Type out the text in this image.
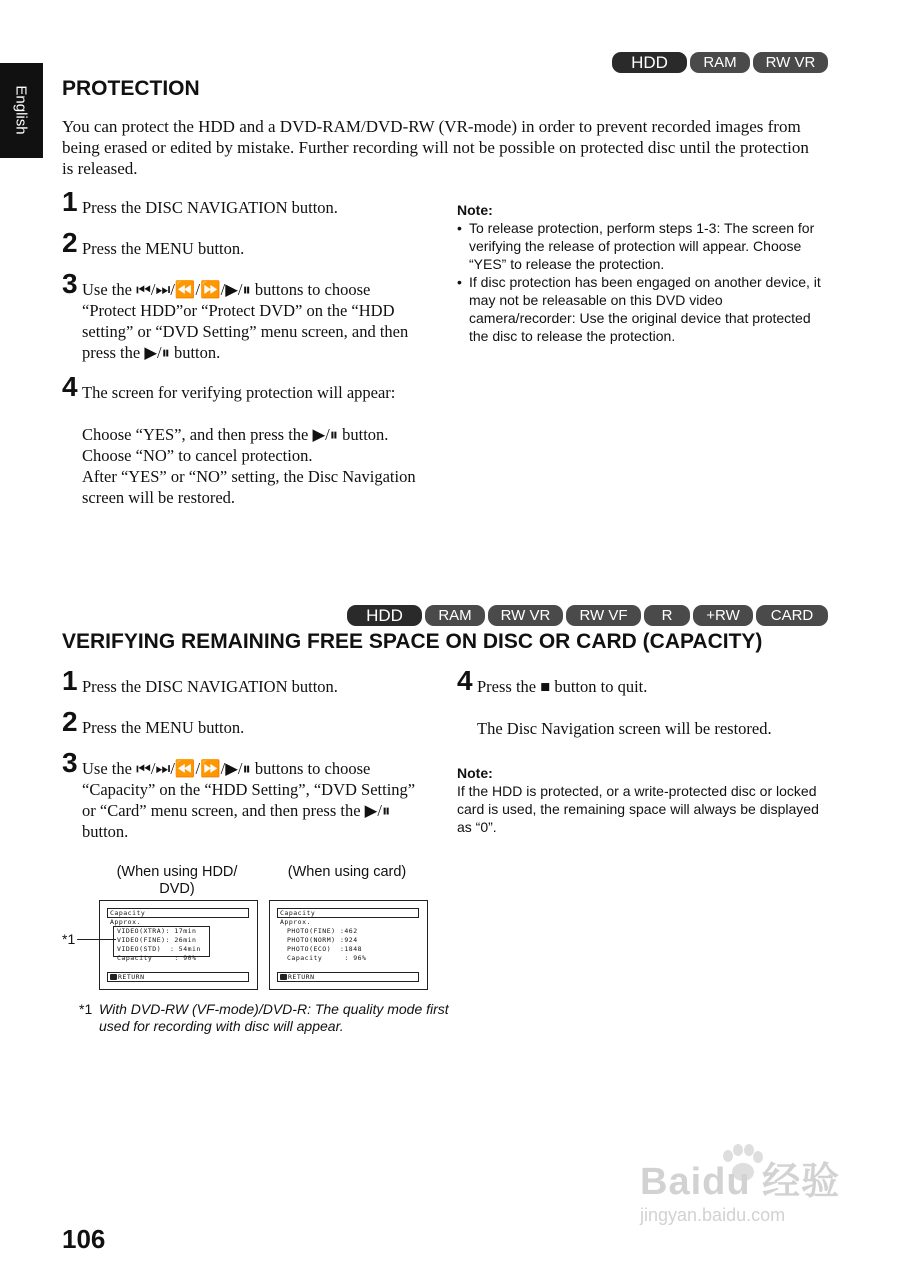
English
HDD	RAM	RW VR
PROTECTION

You can protect the HDD and a DVD-RAM/DVD-RW (VR-mode) in order to prevent recorded images from being erased or edited by mistake. Further recording will not be possible on protected disc until the protection is released.

1 Press the DISC NAVIGATION button.

2 Press the MENU button.

3 Use the ⏮/⏭/⏪/⏩/▶/⏸ buttons to choose “Protect HDD”or “Protect DVD” on the “HDD setting” or “DVD Setting” menu screen, and then press the ▶/⏸ button.

4 The screen for verifying protection will appear:

Choose “YES”, and then press the ▶/⏸ button.

Choose “NO” to cancel protection.

After “YES” or “NO” setting, the Disc Navigation screen will be restored.

Note:

• To release protection, perform steps 1-3: The screen for verifying the release of protection will appear. Choose “YES” to release the protection.
• If disc protection has been engaged on another device, it may not be releasable on this DVD video camera/recorder: Use the original device that protected the disc to release the protection.
HDD	RAM	RW VR	RW VF	R	+RW	CARD
VERIFYING REMAINING FREE SPACE ON DISC OR CARD (CAPACITY)
1 Press the DISC NAVIGATION button.

2 Press the MENU button.

3 Use the ⏮/⏭/⏪/⏩/▶/⏸ buttons to choose “Capacity” on the “HDD Setting”, “DVD Setting” or “Card” menu screen, and then press the ▶/⏸ button.

4 Press the ■ button to quit.

The Disc Navigation screen will be restored.

Note:

If the HDD is protected, or a write-protected disc or locked card is used, the remaining space will always be displayed as “0”.

(When using HDD/ DVD)
(When using card)
Capacity
Approx.
VIDEO(XTRA): 17min
VIDEO(FINE): 26min
VIDEO(STD)  : 54min
Capacity     : 90%
RETURN
Capacity
Approx.
PHOTO(FINE) :462
PHOTO(NORM) :924
PHOTO(ECO)  :1848
Capacity     : 96%
RETURN
*1
*1 With DVD-RW (VF-mode)/DVD-R: The quality mode first used for recording with disc will appear.
106
Baidu 经验
jingyan.baidu.com
